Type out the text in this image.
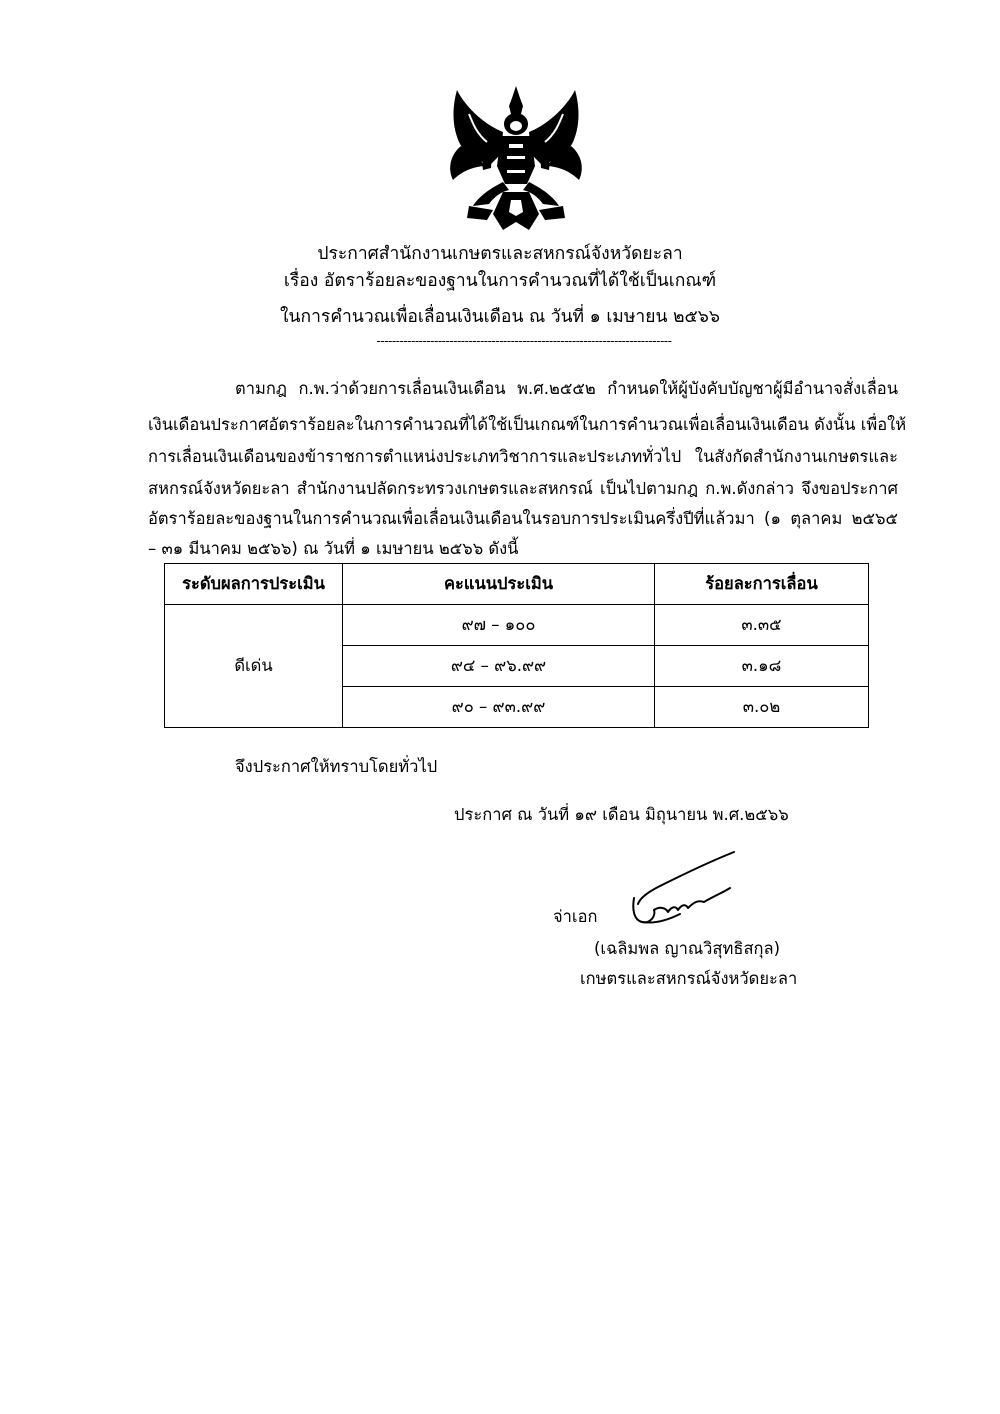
ประกาศสำนักงานเกษตรและสหกรณ์จังหวัดยะลา
เรื่อง อัตราร้อยละของฐานในการคำนวณที่ได้ใช้เป็นเกณฑ์
ในการคำนวณเพื่อเลื่อนเงินเดือน ณ วันที่ ๑ เมษายน ๒๕๖๖
-----------------------------------------------------------------------------
ตามกฎ ก.พ.ว่าด้วยการเลื่อนเงินเดือน พ.ศ.๒๕๕๒ กำหนดให้ผู้บังคับบัญชาผู้มีอำนาจสั่งเลื่อน
เงินเดือนประกาศอัตราร้อยละในการคำนวณที่ได้ใช้เป็นเกณฑ์ในการคำนวณเพื่อเลื่อนเงินเดือน ดังนั้น เพื่อให้
การเลื่อนเงินเดือนของข้าราชการตำแหน่งประเภทวิชาการและประเภททั่วไป ในสังกัดสำนักงานเกษตรและ
สหกรณ์จังหวัดยะลา สำนักงานปลัดกระทรวงเกษตรและสหกรณ์ เป็นไปตามกฎ ก.พ.ดังกล่าว จึงขอประกาศ
อัตราร้อยละของฐานในการคำนวณเพื่อเลื่อนเงินเดือนในรอบการประเมินครึ่งปีที่แล้วมา (๑ ตุลาคม ๒๕๖๕
– ๓๑ มีนาคม ๒๕๖๖) ณ วันที่ ๑ เมษายน ๒๕๖๖ ดังนี้
ระดับผลการประเมิน	คะแนนประเมิน	ร้อยละการเลื่อน
ดีเด่น	๙๗ – ๑๐๐	๓.๓๕
	๙๔ – ๙๖.๙๙	๓.๑๘
	๙๐ – ๙๓.๙๙	๓.๐๒
จึงประกาศให้ทราบโดยทั่วไป
ประกาศ ณ วันที่ ๑๙ เดือน มิถุนายน พ.ศ.๒๕๖๖
จ่าเอก
(เฉลิมพล ญาณวิสุทธิสกุล)
เกษตรและสหกรณ์จังหวัดยะลา
